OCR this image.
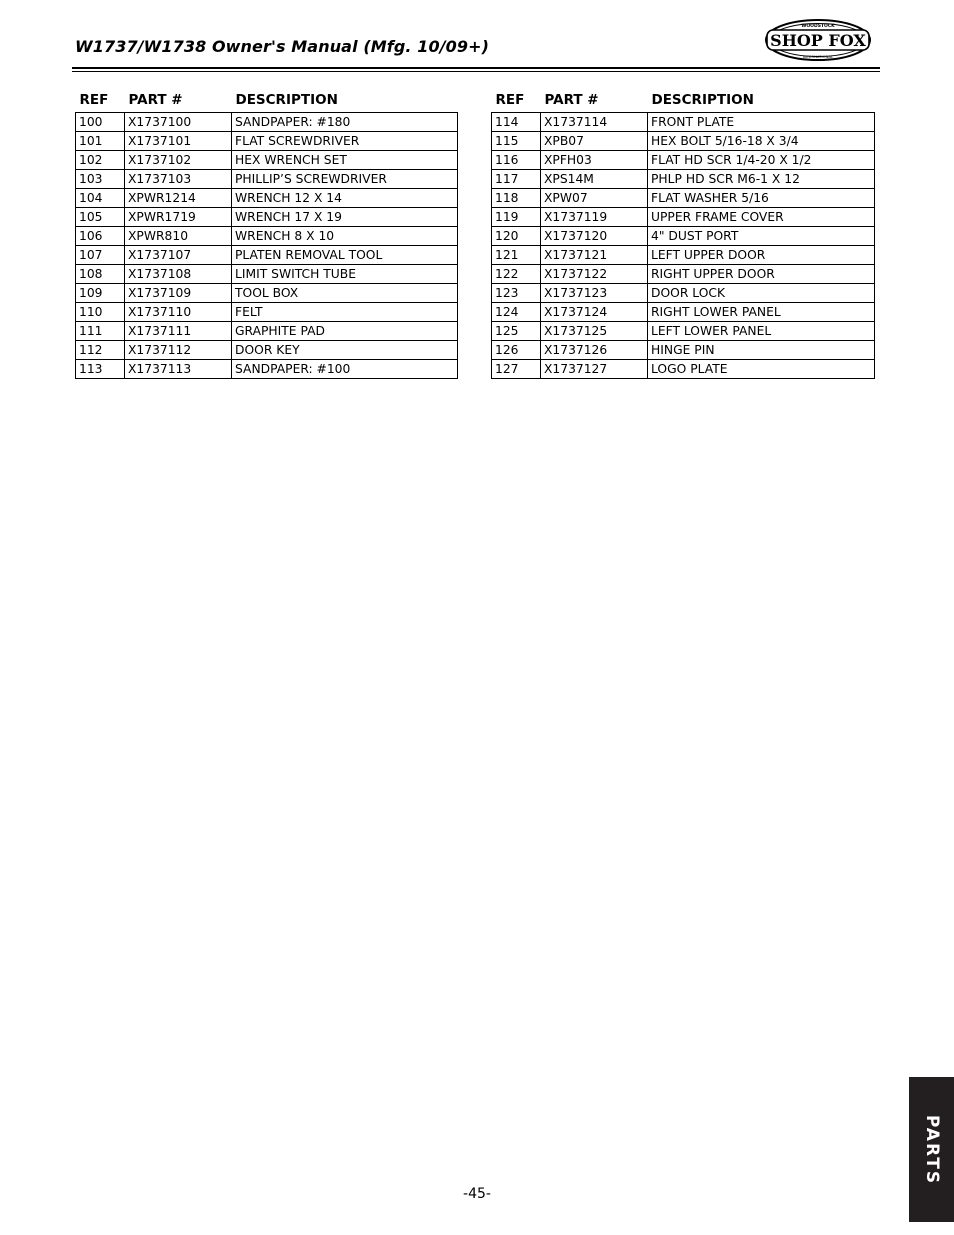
W1737/W1738 Owner's Manual (Mfg. 10/09+)	SHOP FOX
WOODSTOCK
INTERNATIONAL
REF	PART #	DESCRIPTION
100	X1737100	SANDPAPER: #180
101	X1737101	FLAT SCREWDRIVER
102	X1737102	HEX WRENCH SET
103	X1737103	PHILLIP’S SCREWDRIVER
104	XPWR1214	WRENCH 12 X 14
105	XPWR1719	WRENCH 17 X 19
106	XPWR810	WRENCH 8 X 10
107	X1737107	PLATEN REMOVAL TOOL
108	X1737108	LIMIT SWITCH TUBE
109	X1737109	TOOL BOX
110	X1737110	FELT
111	X1737111	GRAPHITE PAD
112	X1737112	DOOR KEY
113	X1737113	SANDPAPER: #100
REF	PART #	DESCRIPTION
114	X1737114	FRONT PLATE
115	XPB07	HEX BOLT 5/16-18 X 3/4
116	XPFH03	FLAT HD SCR 1/4-20 X 1/2
117	XPS14M	PHLP HD SCR M6-1 X 12
118	XPW07	FLAT WASHER 5/16
119	X1737119	UPPER FRAME COVER
120	X1737120	4" DUST PORT
121	X1737121	LEFT UPPER DOOR
122	X1737122	RIGHT UPPER DOOR
123	X1737123	DOOR LOCK
124	X1737124	RIGHT LOWER PANEL
125	X1737125	LEFT LOWER PANEL
126	X1737126	HINGE PIN
127	X1737127	LOGO PLATE
-45-
PARTS
